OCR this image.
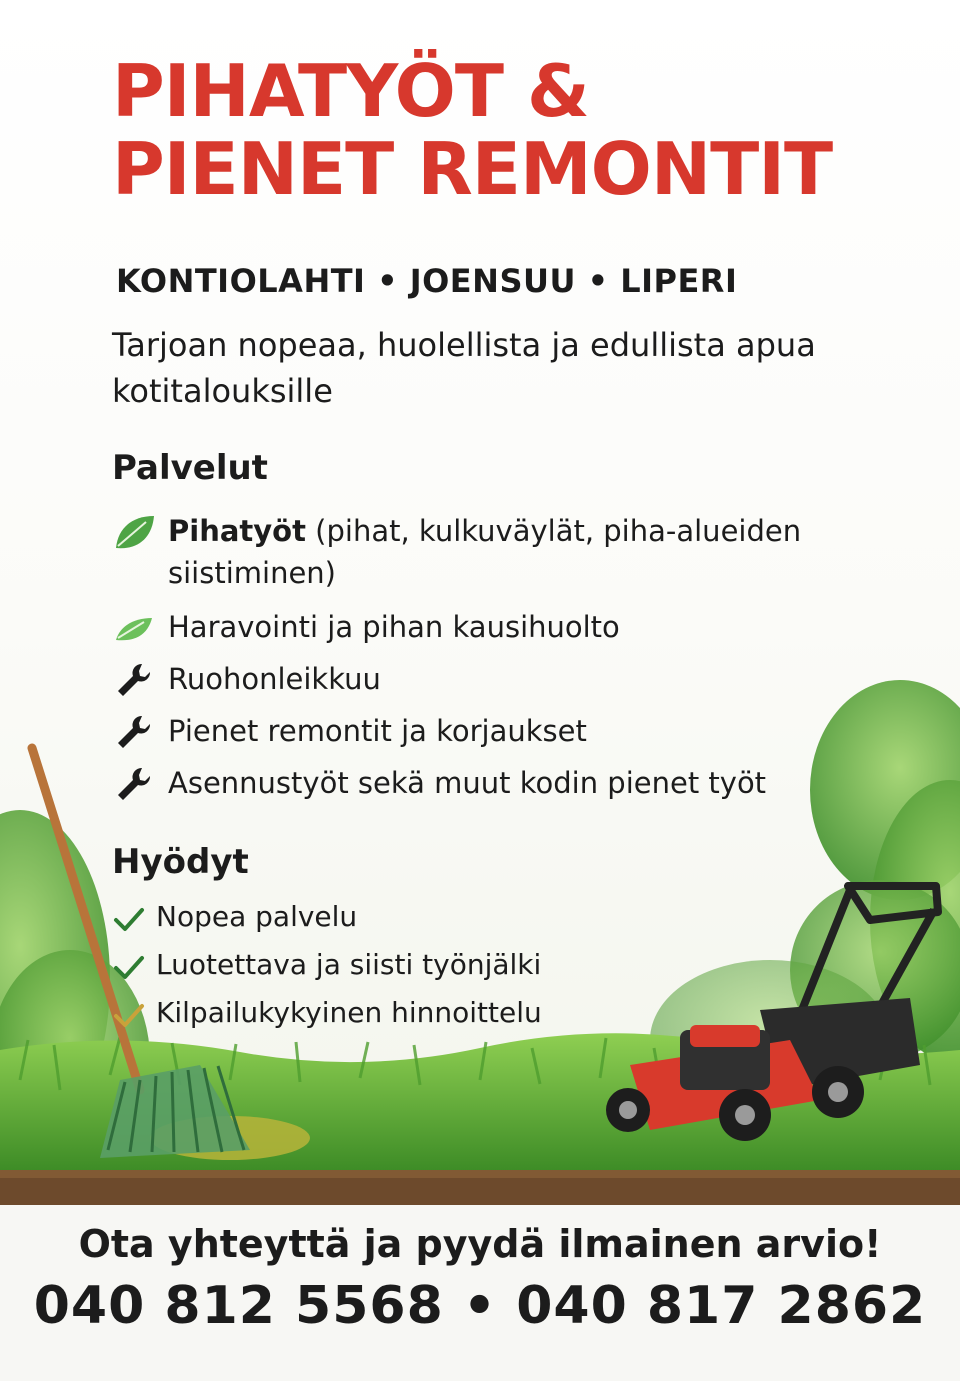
PIHATYÖT &
PIENET REMONTIT
KONTIOLAHTI • JOENSUU • LIPERI
Tarjoan nopeaa, huolellista ja edullista apua kotitalouksille
Palvelut
Pihatyöt (pihat, kulkuväylät, piha-alueiden siistiminen)
Haravointi ja pihan kausihuolto
Ruohonleikkuu
Pienet remontit ja korjaukset
Asennustyöt sekä muut kodin pienet työt
Hyödyt
Nopea palvelu
Luotettava ja siisti työnjälki
Kilpailukykyinen hinnoittelu
Ota yhteyttä ja pyydä ilmainen arvio!
040 812 5568 • 040 817 2862
